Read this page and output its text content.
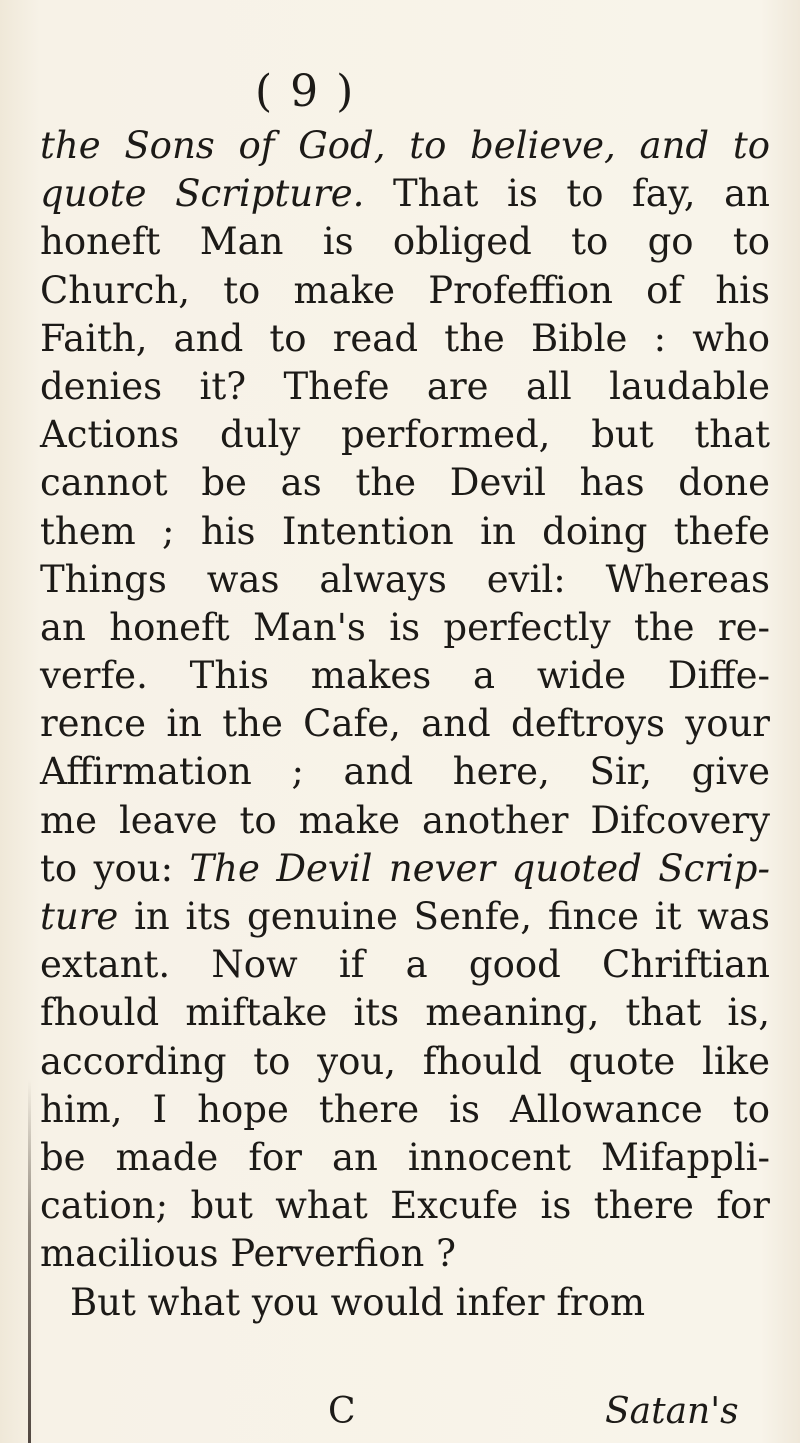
( 9 )
the Sons of God, to believe, and to
quote Scripture. That is to fay, an
honeft Man is obliged to go to
Church, to make Profeffion of his
Faith, and to read the Bible : who
denies it? Thefe are all laudable
Actions duly performed, but that
cannot be as the Devil has done
them ; his Intention in doing thefe
Things was always evil: Whereas
an honeft Man's is perfectly the re-
verfe. This makes a wide Diffe-
rence in the Cafe, and deftroys your
Affirmation ; and here, Sir, give
me leave to make another Difcovery
to you: The Devil never quoted Scrip-
ture in its genuine Senfe, fince it was
extant. Now if a good Chriftian
fhould miftake its meaning, that is,
according to you, fhould quote like
him, I hope there is Allowance to
be made for an innocent Mifappli-
cation; but what Excufe is there for
macilious Perverfion ?
But what you would infer from
C	Satan's
